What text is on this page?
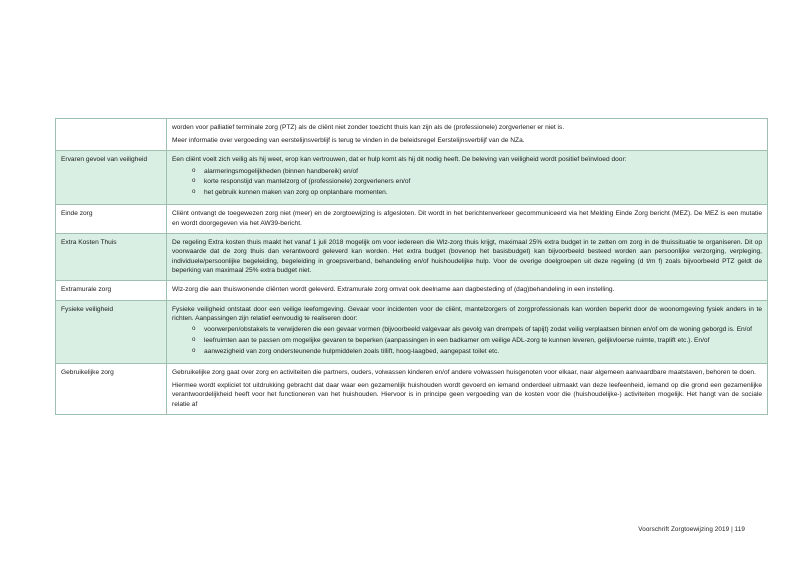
	worden voor palliatief terminale zorg (PTZ) als de cliënt niet zonder toezicht thuis kan zijn als de (professionele) zorgverlener er niet is.

Meer informatie over vergoeding van eerstelijnsverblijf is terug te vinden in de beleidsregel Eerstelijnsverblijf van de NZa.

Ervaren gevoel van veiligheid	Een cliënt voelt zich veilig als hij weet, erop kan vertrouwen, dat er hulp komt als hij dit nodig heeft. De beleving van veiligheid wordt positief beïnvloed door:

o alarmeringsmogelijkheden (binnen handbereik) en/of
o korte responstijd van mantelzorg of (professionele) zorgverleners en/of
o het gebruik kunnen maken van zorg op onplanbare momenten.

Einde zorg	Cliënt ontvangt de toegewezen zorg niet (meer) en de zorgtoewijzing is afgesloten. Dit wordt in het berichtenverkeer gecommuniceerd via het Melding Einde Zorg bericht (MEZ). De MEZ is een mutatie en wordt doorgegeven via het AW39-bericht.

Extra Kosten Thuis	De regeling Extra kosten thuis maakt het vanaf 1 juli 2018 mogelijk om voor iedereen die Wlz-zorg thuis krijgt, maximaal 25% extra budget in te zetten om zorg in de thuissituatie te organiseren. Dit op voorwaarde dat de zorg thuis dan verantwoord geleverd kan worden. Het extra budget (bovenop het basisbudget) kan bijvoorbeeld besteed worden aan persoonlijke verzorging, verpleging, individuele/persoonlijke begeleiding, begeleiding in groepsverband, behandeling en/of huishoudelijke hulp. Voor de overige doelgroepen uit deze regeling (d t/m f) zoals bijvoorbeeld PTZ geldt de beperking van maximaal 25% extra budget niet.

Extramurale zorg	Wlz-zorg die aan thuiswonende cliënten wordt geleverd. Extramurale zorg omvat ook deelname aan dagbesteding of (dag)behandeling in een instelling.

Fysieke veiligheid	Fysieke veiligheid ontstaat door een veilige leefomgeving. Gevaar voor incidenten voor de cliënt, mantelzorgers of zorgprofessionals kan worden beperkt door de woonomgeving fysiek anders in te richten. Aanpassingen zijn relatief eenvoudig te realiseren door:

o voorwerpen/obstakels te verwijderen die een gevaar vormen (bijvoorbeeld valgevaar als gevolg van drempels of tapijt) zodat veilig verplaatsen binnen en/of om de woning geborgd is. En/of
o leefruimten aan te passen om mogelijke gevaren te beperken (aanpassingen in een badkamer om veilige ADL-zorg te kunnen leveren, gelijkvloerse ruimte, traplift etc.). En/of
o aanwezigheid van zorg ondersteunende hulpmiddelen zoals tillift, hoog-laagbed, aangepast toilet etc.

Gebruikelijke zorg	Gebruikelijke zorg gaat over zorg en activiteiten die partners, ouders, volwassen kinderen en/of andere volwassen huisgenoten voor elkaar, naar algemeen aanvaardbare maatstaven, behoren te doen.

Hiermee wordt expliciet tot uitdrukking gebracht dat daar waar een gezamenlijk huishouden wordt gevoerd en iemand onderdeel uitmaakt van deze leefeenheid, iemand op die grond een gezamenlijke verantwoordelijkheid heeft voor het functioneren van het huishouden. Hiervoor is in principe geen vergoeding van de kosten voor die (huishoudelijke-) activiteiten mogelijk. Het hangt van de sociale relatie af

Voorschrift Zorgtoewijzing 2019 | 119
